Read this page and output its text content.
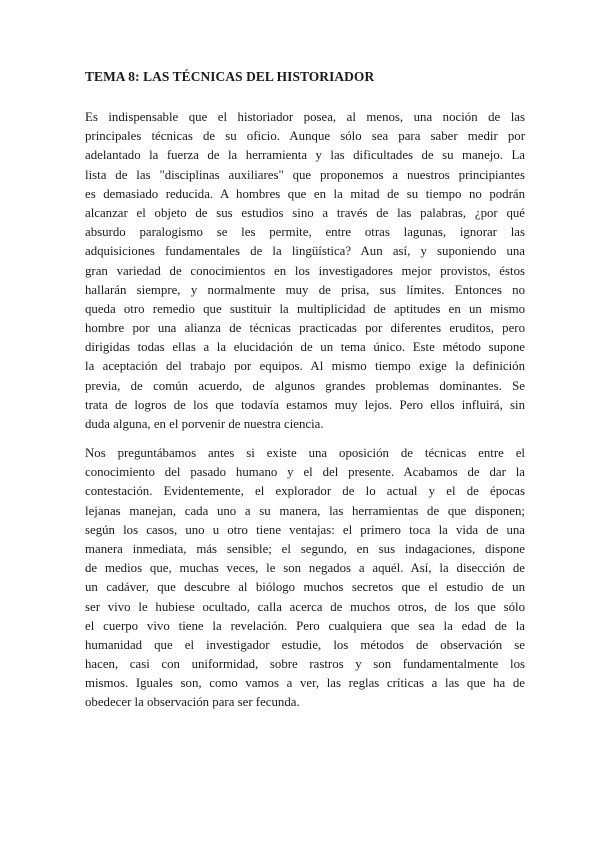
TEMA 8: LAS TÉCNICAS DEL HISTORIADOR

Es indispensable que el historiador posea, al menos, una noción de las
principales técnicas de su oficio. Aunque sólo sea para saber medir por
adelantado la fuerza de la herramienta y las dificultades de su manejo. La
lista de las "disciplinas auxiliares" que proponemos a nuestros principiantes
es demasiado reducida. A hombres que en la mitad de su tiempo no podrán
alcanzar el objeto de sus estudios sino a través de las palabras, ¿por qué
absurdo paralogismo se les permite, entre otras lagunas, ignorar las
adquisiciones fundamentales de la lingüística? Aun así, y suponiendo una
gran variedad de conocimientos en los investigadores mejor provistos, éstos
hallarán siempre, y normalmente muy de prisa, sus límites. Entonces no
queda otro remedio que sustituir la multiplicidad de aptitudes en un mismo
hombre por una alianza de técnicas practicadas por diferentes eruditos, pero
dirigidas todas ellas a la elucidación de un tema único. Este método supone
la aceptación del trabajo por equipos. Al mismo tiempo exige la definición
previa, de común acuerdo, de algunos grandes problemas dominantes. Se
trata de logros de los que todavía estamos muy lejos. Pero ellos influirá, sin
duda alguna, en el porvenir de nuestra ciencia.

Nos preguntábamos antes si existe una oposición de técnicas entre el
conocimiento del pasado humano y el del presente. Acabamos de dar la
contestación. Evidentemente, el explorador de lo actual y el de épocas
lejanas manejan, cada uno a su manera, las herramientas de que disponen;
según los casos, uno u otro tiene ventajas: el primero toca la vida de una
manera inmediata, más sensible; el segundo, en sus indagaciones, dispone
de medios que, muchas veces, le son negados a aquél. Así, la disección de
un cadáver, que descubre al biólogo muchos secretos que el estudio de un
ser vivo le hubiese ocultado, calla acerca de muchos otros, de los que sólo
el cuerpo vivo tiene la revelación. Pero cualquiera que sea la edad de la
humanidad que el investigador estudie, los métodos de observación se
hacen, casi con uniformidad, sobre rastros y son fundamentalmente los
mismos. Iguales son, como vamos a ver, las reglas críticas a las que ha de
obedecer la observación para ser fecunda.
